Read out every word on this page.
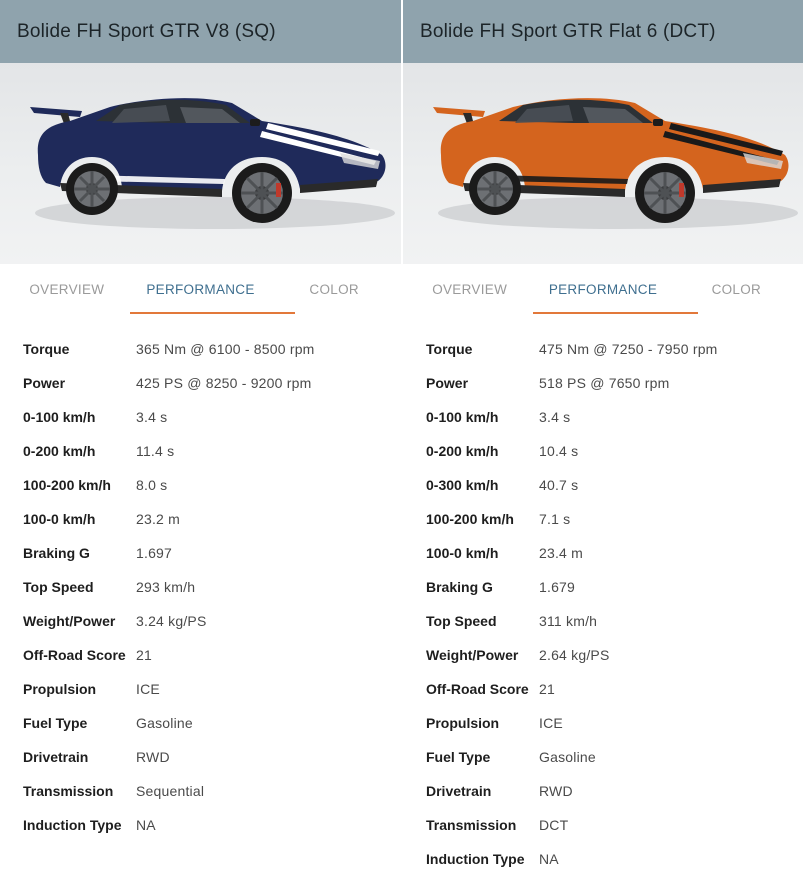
Bolide FH Sport GTR V8 (SQ)
OVERVIEW	PERFORMANCE	COLOR
Torque	365 Nm @ 6100 - 8500 rpm
Power	425 PS @ 8250 - 9200 rpm
0-100 km/h	3.4 s
0-200 km/h	11.4 s
100-200 km/h	8.0 s
100-0 km/h	23.2 m
Braking G	1.697
Top Speed	293 km/h
Weight/Power	3.24 kg/PS
Off-Road Score 21
Propulsion	ICE
Fuel Type	Gasoline
Drivetrain	RWD
Transmission	Sequential
Induction Type	NA
Bolide FH Sport GTR Flat 6 (DCT)
OVERVIEW	PERFORMANCE	COLOR
Torque	475 Nm @ 7250 - 7950 rpm
Power	518 PS @ 7650 rpm
0-100 km/h	3.4 s
0-200 km/h	10.4 s
0-300 km/h	40.7 s
100-200 km/h	7.1 s
100-0 km/h	23.4 m
Braking G	1.679
Top Speed	311 km/h
Weight/Power	2.64 kg/PS
Off-Road Score 21
Propulsion	ICE
Fuel Type	Gasoline
Drivetrain	RWD
Transmission	DCT
Induction Type	NA
